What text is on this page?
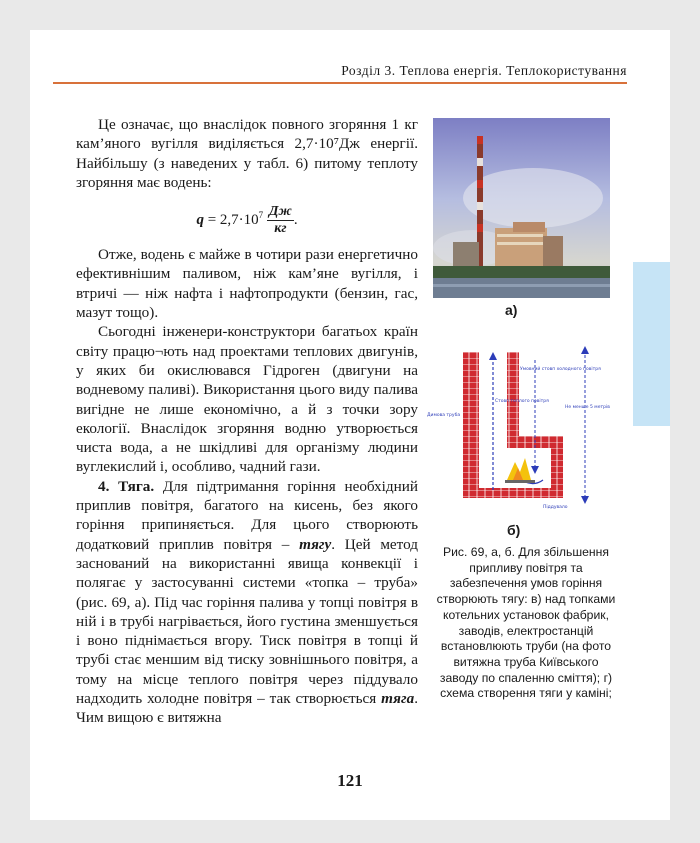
Розділ 3. Теплова енергія. Теплокористування

Це означає, що внаслідок повного згоряння 1 кг кам’яного вугілля виділяється 2,7·10⁷Дж енергії. Найбільшу (з наведених у табл. 6) питому теплоту згоряння має водень:

$q = 2,7\cdot 10^7 \frac{Дж}{кг}$ .

Отже, водень є майже в чотири рази енергетично ефективнішим паливом, ніж кам’яне вугілля, і втричі — ніж нафта і нафтопродукти (бензин, гас, мазут тощо).

Сьогодні інженери-конструктори багатьох країн світу працю¬ють над проектами теплових двигунів, у яких би окислювався Гідроген (двигуни на водневому паливі). Використання цього виду палива вигідне не лише економічно, а й з точки зору екології. Внаслідок згоряння водню утворюється чиста вода, а не шкідливі для організму людини вуглекислий і, особливо, чадний гази.

4. Тяга. Для підтримання горіння необхідний приплив повітря, багатого на кисень, без якого горіння припиняється. Для цього створюють додатковий приплив повітря – тягу. Цей метод заснований на використанні явища конвекції і полягає у застосуванні системи «топка – труба» (рис. 69, а). Під час горіння палива у топці повітря в ній і в трубі нагрівається, його густина зменшується і воно піднімається вгору. Тиск повітря в топці й трубі стає меншим від тиску зовнішнього повітря, а тому на місце теплого повітря через піддувало надходить холодне повітря – так створюється тяга. Чим вищою є витяжна

а)
Умовний стовп холодного повітря
Стовп теплого повітря
Димова труба
Не менше 5 метрів
Піддувало
б)
Рис. 69, а, б. Для збільшення припливу повітря та забезпечення умов горіння створюють тягу: в) над топками котельних установок фабрик, заводів, електростанцій встановлюють труби (на фото витяжна труба Київського заводу по спаленню сміття); г) схема створення тяги у каміні;
121
